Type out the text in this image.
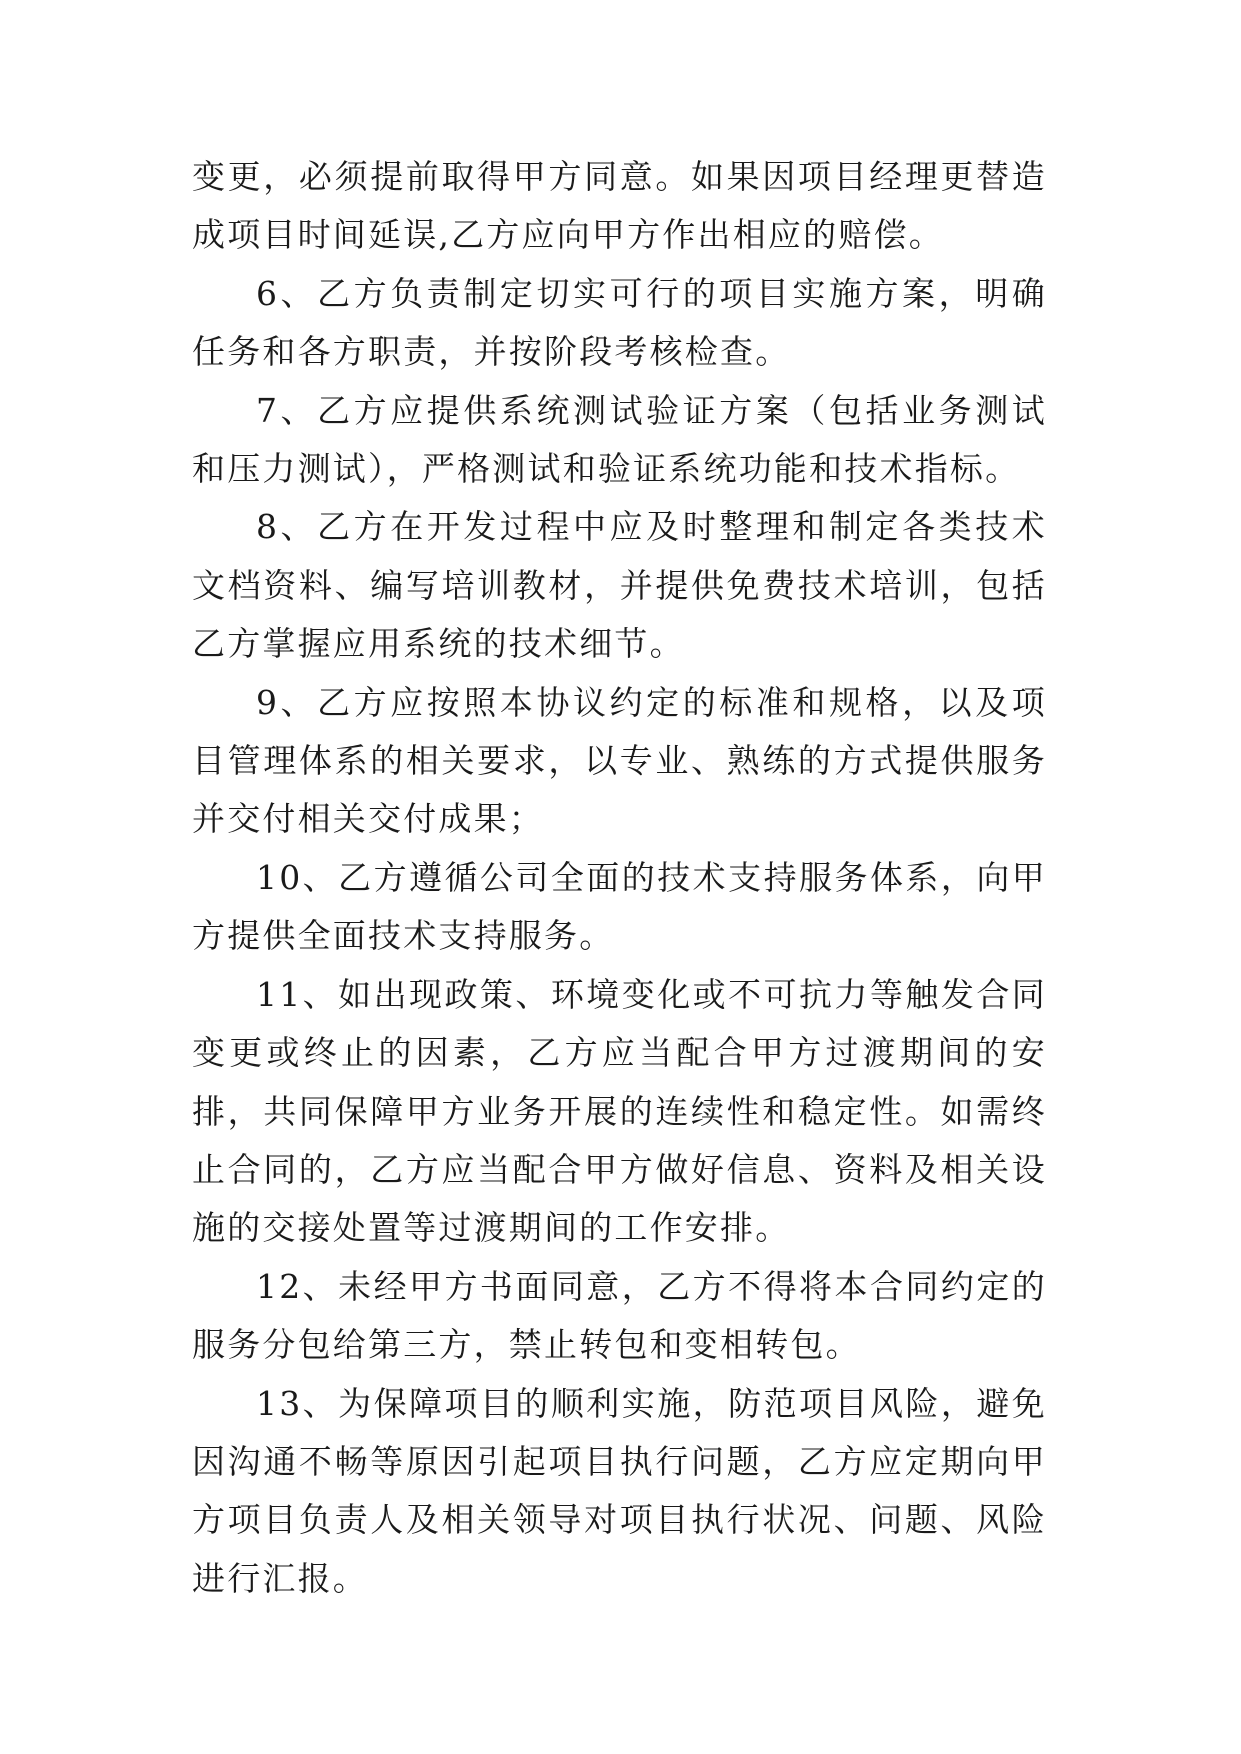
变更，必须提前取得甲方同意。如果因项目经理更替造成项目时间延误,乙方应向甲方作出相应的赔偿。

6、乙方负责制定切实可行的项目实施方案，明确任务和各方职责，并按阶段考核检查。

7、乙方应提供系统测试验证方案（包括业务测试和压力测试），严格测试和验证系统功能和技术指标。

8、乙方在开发过程中应及时整理和制定各类技术文档资料、编写培训教材，并提供免费技术培训，包括乙方掌握应用系统的技术细节。

9、乙方应按照本协议约定的标准和规格，以及项目管理体系的相关要求，以专业、熟练的方式提供服务并交付相关交付成果；

10、乙方遵循公司全面的技术支持服务体系，向甲方提供全面技术支持服务。

11、如出现政策、环境变化或不可抗力等触发合同变更或终止的因素，乙方应当配合甲方过渡期间的安排，共同保障甲方业务开展的连续性和稳定性。如需终止合同的，乙方应当配合甲方做好信息、资料及相关设施的交接处置等过渡期间的工作安排。

12、未经甲方书面同意，乙方不得将本合同约定的服务分包给第三方，禁止转包和变相转包。

13、为保障项目的顺利实施，防范项目风险，避免因沟通不畅等原因引起项目执行问题，乙方应定期向甲方项目负责人及相关领导对项目执行状况、问题、风险进行汇报。
